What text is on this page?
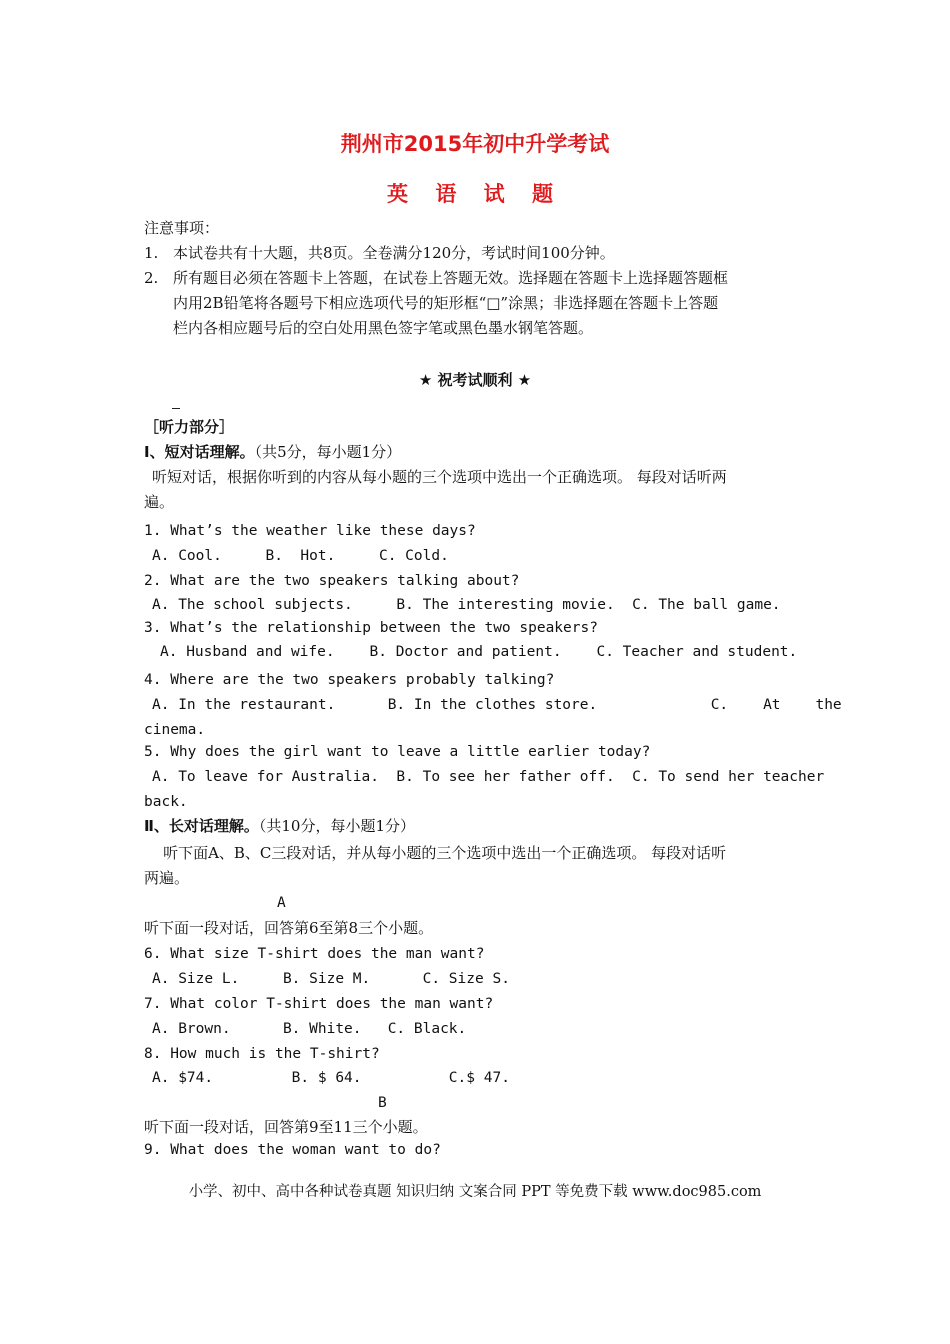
荆州市2015年初中升学考试
英 语 试 题
注意事项：
1. 本试卷共有十大题，共8页。全卷满分120分，考试时间100分钟。
2. 所有题目必须在答题卡上答题，在试卷上答题无效。选择题在答题卡上选择题答题框
内用2B铅笔将各题号下相应选项代号的矩形框“□”涂黑；非选择题在答题卡上答题
栏内各相应题号后的空白处用黑色签字笔或黑色墨水钢笔答题。
★ 祝考试顺利 ★
［听力部分］
Ⅰ、短对话理解。（共5分，每小题1分）
听短对话，根据你听到的内容从每小题的三个选项中选出一个正确选项。 每段对话听两
遍。
1. What’s the weather like these days?
A. Cool.     B.  Hot.     C. Cold.
2. What are the two speakers talking about?
A. The school subjects.     B. The interesting movie.  C. The ball game.
3. What’s the relationship between the two speakers?
A. Husband and wife.    B. Doctor and patient.    C. Teacher and student.
4. Where are the two speakers probably talking?
A. In the restaurant.      B. In the clothes store.             C.    At    the
cinema.
5. Why does the girl want to leave a little earlier today?
A. To leave for Australia.  B. To see her father off.  C. To send her teacher
back.
Ⅱ、长对话理解。（共10分，每小题1分）
听下面A、B、C三段对话，并从每小题的三个选项中选出一个正确选项。 每段对话听
两遍。
A
听下面一段对话，回答第6至第8三个小题。
6. What size T-shirt does the man want?
A. Size L.     B. Size M.      C. Size S.
7. What color T-shirt does the man want?
A. Brown.      B. White.   C. Black.
8. How much is the T-shirt?
A. $74.         B. $ 64.          C.$ 47.
B
听下面一段对话，回答第9至11三个小题。
9. What does the woman want to do?
小学、初中、高中各种试卷真题 知识归纳 文案合同 PPT 等免费下载 www.doc985.com
